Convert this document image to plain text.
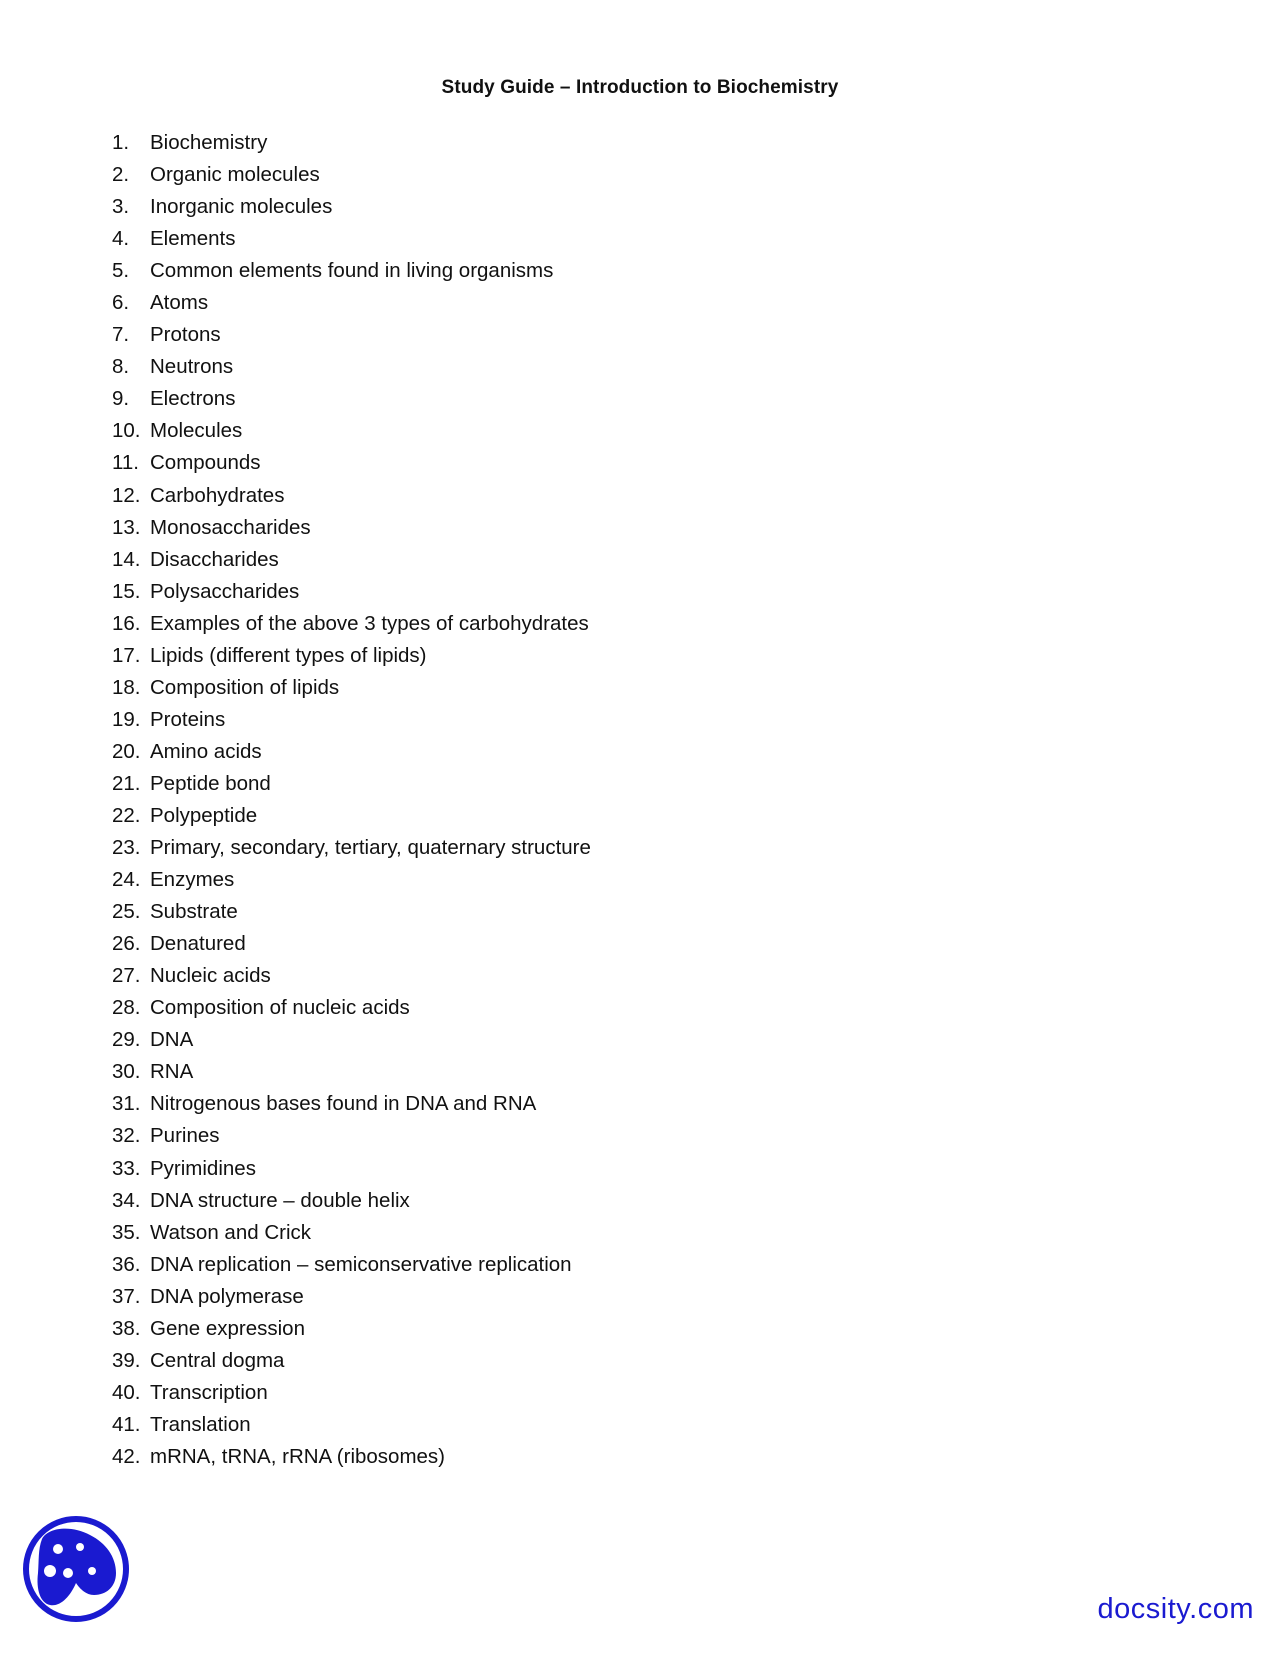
Study Guide – Introduction to Biochemistry
1.	Biochemistry
2.	Organic molecules
3.	Inorganic molecules
4.	Elements
5.	Common elements found in living organisms
6.	Atoms
7.	Protons
8.	Neutrons
9.	Electrons
10. Molecules
11. Compounds
12. Carbohydrates
13. Monosaccharides
14. Disaccharides
15. Polysaccharides
16. Examples of the above 3 types of carbohydrates
17. Lipids (different types of lipids)
18. Composition of lipids
19. Proteins
20. Amino acids
21. Peptide bond
22. Polypeptide
23. Primary, secondary, tertiary, quaternary structure
24. Enzymes
25. Substrate
26. Denatured
27. Nucleic acids
28. Composition of nucleic acids
29. DNA
30. RNA
31. Nitrogenous bases found in DNA and RNA
32. Purines
33. Pyrimidines
34. DNA structure – double helix
35. Watson and Crick
36. DNA replication – semiconservative replication
37. DNA polymerase
38. Gene expression
39. Central dogma
40. Transcription
41. Translation
42. mRNA, tRNA, rRNA (ribosomes)
docsity.com
